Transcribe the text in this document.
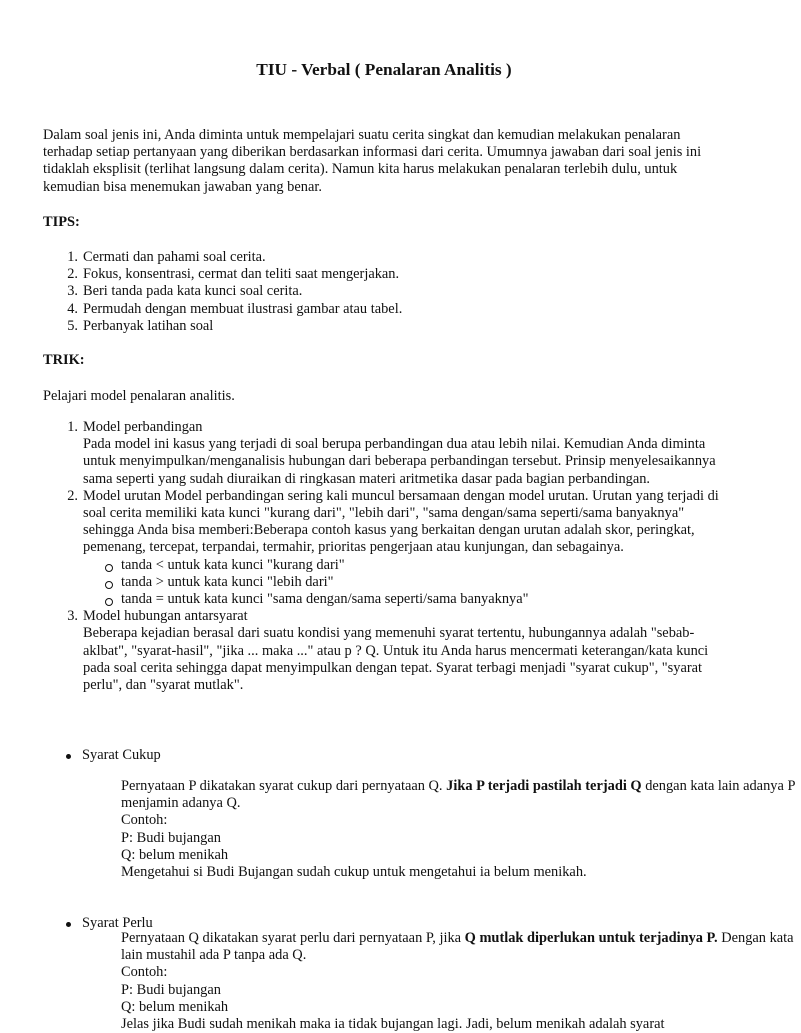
TIU - Verbal ( Penalaran Analitis )
Dalam soal jenis ini, Anda diminta untuk mempelajari suatu cerita singkat dan kemudian melakukan penalaran terhadap setiap pertanyaan yang diberikan berdasarkan informasi dari cerita. Umumnya jawaban dari soal jenis ini tidaklah eksplisit (terlihat langsung dalam cerita). Namun kita harus melakukan penalaran terlebih dulu, untuk kemudian bisa menemukan jawaban yang benar.
TIPS:
1. Cermati dan pahami soal cerita.
2. Fokus, konsentrasi, cermat dan teliti saat mengerjakan.
3. Beri tanda pada kata kunci soal cerita.
4. Permudah dengan membuat ilustrasi gambar atau tabel.
5. Perbanyak latihan soal
TRIK:
Pelajari model penalaran analitis.
1. Model perbandingan
Pada model ini kasus yang terjadi di soal berupa perbandingan dua atau lebih nilai. Kemudian Anda diminta untuk menyimpulkan/menganalisis hubungan dari beberapa perbandingan tersebut. Prinsip menyelesaikannya sama seperti yang sudah diuraikan di ringkasan materi aritmetika dasar pada bagian perbandingan.
2. Model urutan Model perbandingan sering kali muncul bersamaan dengan model urutan. Urutan yang terjadi di soal cerita memiliki kata kunci "kurang dari", "lebih dari", "sama dengan/sama seperti/sama banyaknya" sehingga Anda bisa memberi:Beberapa contoh kasus yang berkaitan dengan urutan adalah skor, peringkat, pemenang, tercepat, terpandai, termahir, prioritas pengerjaan atau kunjungan, dan sebagainya.
tanda < untuk kata kunci "kurang dari"
tanda > untuk kata kunci "lebih dari"
tanda = untuk kata kunci "sama dengan/sama seperti/sama banyaknya"
3. Model hubungan antarsyarat
Beberapa kejadian berasal dari suatu kondisi yang memenuhi syarat tertentu, hubungannya adalah "sebab-aklbat", "syarat-hasil", "jika ... maka ..." atau p ? Q. Untuk itu Anda harus mencermati keterangan/kata kunci pada soal cerita sehingga dapat menyimpulkan dengan tepat. Syarat terbagi menjadi "syarat cukup", "syarat perlu", dan "syarat mutlak".
Syarat Cukup
Pernyataan P dikatakan syarat cukup dari pernyataan Q. Jika P terjadi pastilah terjadi Q dengan kata lain adanya P menjamin adanya Q.
Contoh:
P: Budi bujangan
Q: belum menikah
Mengetahui si Budi Bujangan sudah cukup untuk mengetahui ia belum menikah.
Syarat Perlu
Pernyataan Q dikatakan syarat perlu dari pernyataan P, jika Q mutlak diperlukan untuk terjadinya P. Dengan kata lain mustahil ada P tanpa ada Q.
Contoh:
P: Budi bujangan
Q: belum menikah
Jelas jika Budi sudah menikah maka ia tidak bujangan lagi. Jadi, belum menikah adalah syarat
